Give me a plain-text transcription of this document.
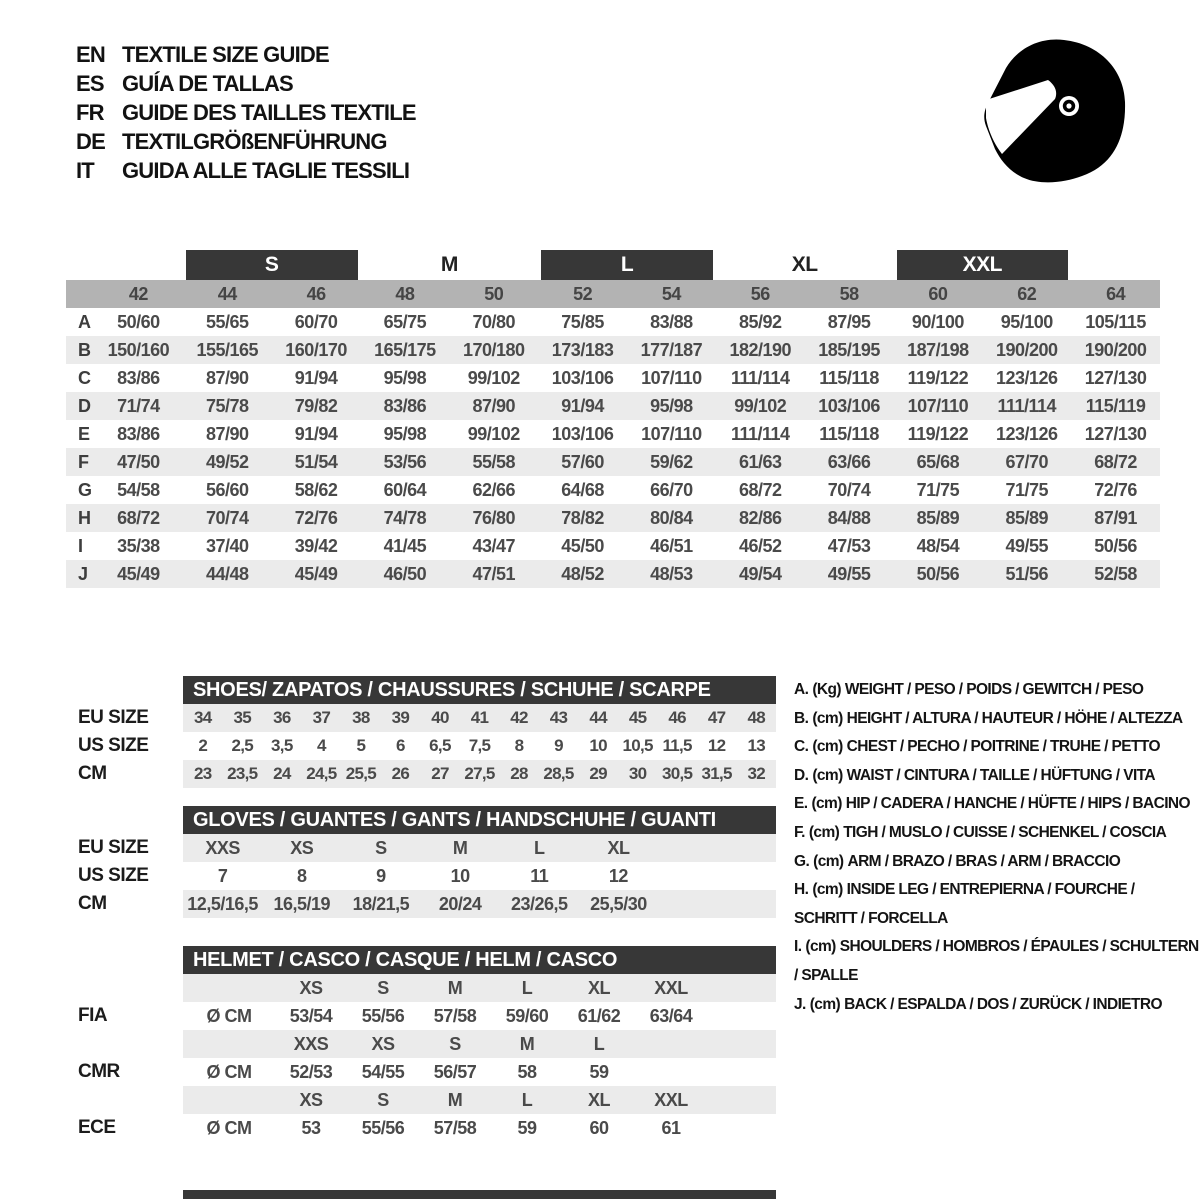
EN TEXTILE SIZE GUIDE
ES GUÍA DE TALLAS
FR GUIDE DES TAILLES TEXTILE
DE TEXTILGRÖßENFÜHRUNG
IT	GUIDA ALLE TAGLIE TESSILI
S	M	L	XL	XXL
42	44	46	48	50	52	54	56	58	60	62	64
A	50/60	55/65	60/70	65/75	70/80	75/85	83/88	85/92	87/95	90/100	95/100	105/115
B 150/160	155/165	160/170	165/175	170/180	173/183	177/187	182/190	185/195	187/198	190/200	190/200
C	83/86	87/90	91/94	95/98	99/102	103/106	107/110	111/114	115/118	119/122	123/126	127/130
D	71/74	75/78	79/82	83/86	87/90	91/94	95/98	99/102	103/106	107/110	111/114	115/119
E	83/86	87/90	91/94	95/98	99/102	103/106	107/110	111/114	115/118	119/122	123/126	127/130
F	47/50	49/52	51/54	53/56	55/58	57/60	59/62	61/63	63/66	65/68	67/70	68/72
G	54/58	56/60	58/62	60/64	62/66	64/68	66/70	68/72	70/74	71/75	71/75	72/76
H	68/72	70/74	72/76	74/78	76/80	78/82	80/84	82/86	84/88	85/89	85/89	87/91
I	35/38	37/40	39/42	41/45	43/47	45/50	46/51	46/52	47/53	48/54	49/55	50/56
J	45/49	44/48	45/49	46/50	47/51	48/52	48/53	49/54	49/55	50/56	51/56	52/58
SHOES/ ZAPATOS / CHAUSSURES / SCHUHE / SCARPE
EU SIZE	34	35	36	37	38	39	40	41	42	43	44	45	46	47	48
US SIZE	2	2,5	3,5	4	5	6	6,5	7,5	8	9	10 10,5 11,5 12	13
CM	23 23,5 24 24,5 25,5 26	27 27,5 28 28,5 29	30 30,5 31,5 32
GLOVES / GUANTES / GANTS / HANDSCHUHE / GUANTI
EU SIZE	XXS	XS	S	M	L	XL
US SIZE	7	8	9	10	11	12
CM	12,5/16,5 16,5/19	18/21,5	20/24	23/26,5	25,5/30
HELMET / CASCO / CASQUE / HELM / CASCO
XS	S	M	L	XL	XXL
FIA	Ø CM	53/54	55/56	57/58	59/60	61/62	63/64
XXS	XS	S	M	L
CMR	Ø CM	52/53	54/55	56/57	58	59
XS	S	M	L	XL	XXL
ECE	Ø CM	53	55/56	57/58	59	60	61
A. (Kg) WEIGHT / PESO / POIDS / GEWITCH / PESO
B. (cm) HEIGHT / ALTURA / HAUTEUR / HÖHE / ALTEZZA
C. (cm) CHEST / PECHO / POITRINE / TRUHE / PETTO
D. (cm) WAIST / CINTURA / TAILLE / HÜFTUNG / VITA
E. (cm) HIP / CADERA / HANCHE / HÜFTE / HIPS / BACINO
F. (cm) TIGH / MUSLO / CUISSE / SCHENKEL / COSCIA
G. (cm) ARM / BRAZO / BRAS / ARM / BRACCIO
H. (cm) INSIDE LEG / ENTREPIERNA / FOURCHE / SCHRITT / FORCELLA
I. (cm) SHOULDERS / HOMBROS / ÉPAULES / SCHULTERN / SPALLE
J. (cm) BACK / ESPALDA / DOS / ZURÜCK / INDIETRO
